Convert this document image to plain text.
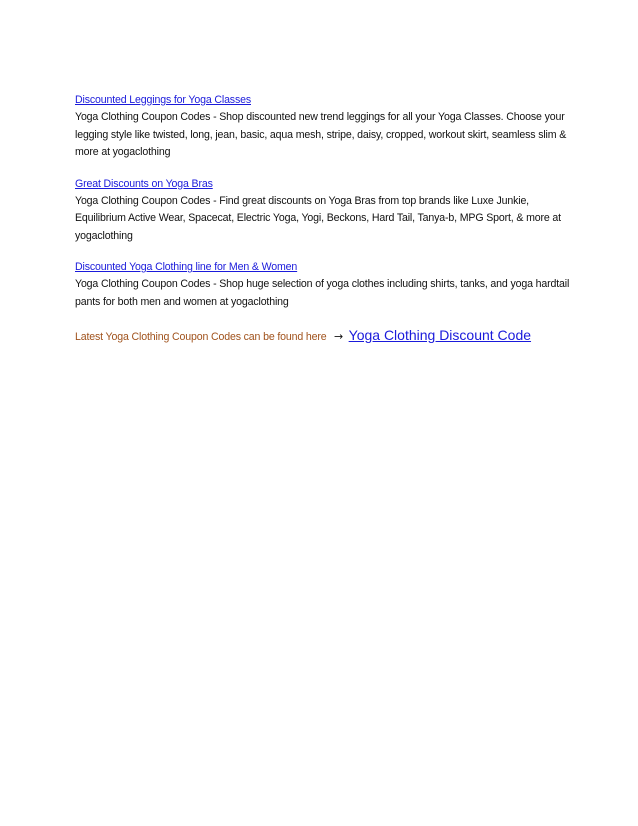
Discounted Leggings for Yoga Classes

Yoga Clothing Coupon Codes - Shop discounted new trend leggings for all your Yoga Classes. Choose your legging style like twisted, long, jean, basic, aqua mesh, stripe, daisy, cropped, workout skirt, seamless slim & more at yogaclothing

Great Discounts on Yoga Bras

Yoga Clothing Coupon Codes - Find great discounts on Yoga Bras from top brands like Luxe Junkie, Equilibrium Active Wear, Spacecat, Electric Yoga, Yogi, Beckons, Hard Tail, Tanya-b, MPG Sport, & more at yogaclothing

Discounted Yoga Clothing line for Men & Women

Yoga Clothing Coupon Codes - Shop huge selection of yoga clothes including shirts, tanks, and yoga hardtail pants for both men and women at yogaclothing

Latest Yoga Clothing Coupon Codes can be found here → Yoga Clothing Discount Code
